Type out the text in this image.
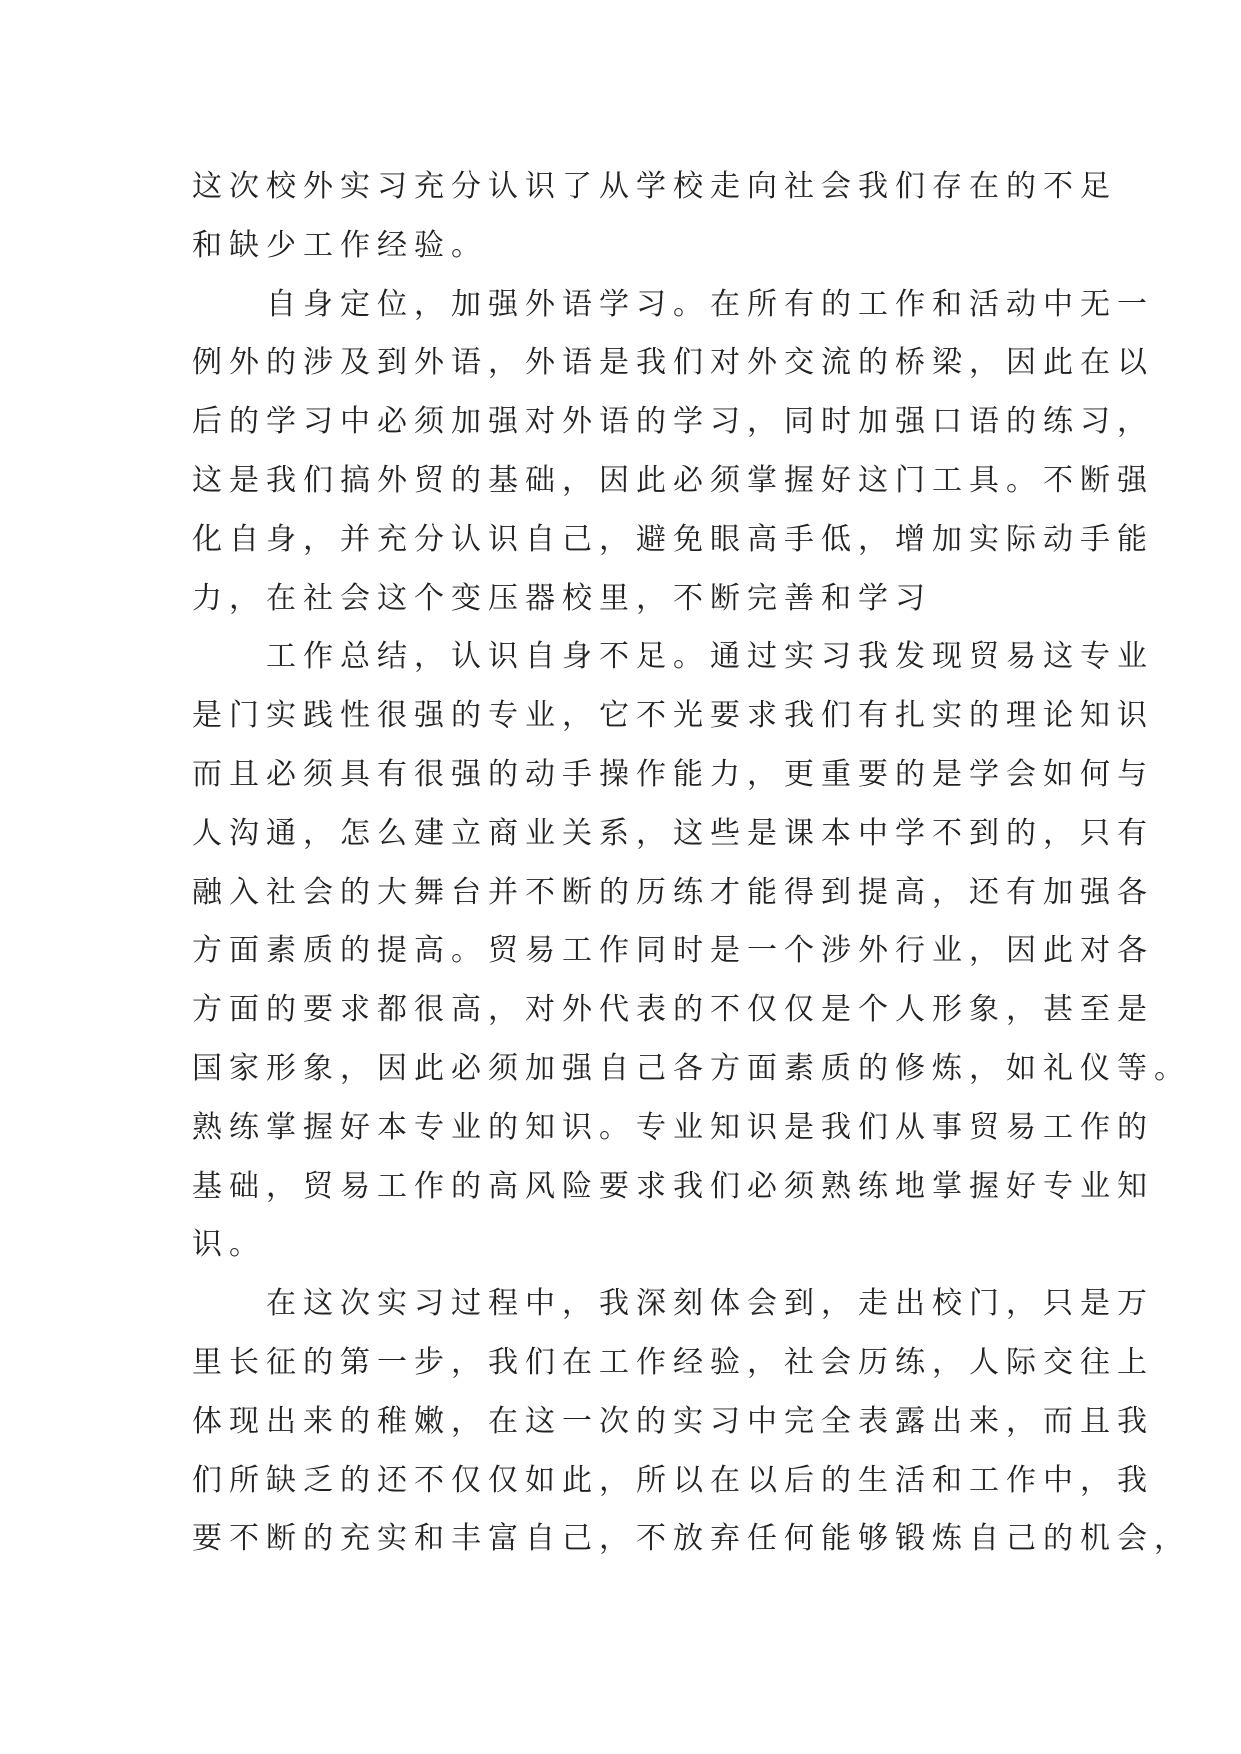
这次校外实习充分认识了从学校走向社会我们存在的不足
和缺少工作经验。
　　自身定位，加强外语学习。在所有的工作和活动中无一
例外的涉及到外语，外语是我们对外交流的桥梁，因此在以
后的学习中必须加强对外语的学习，同时加强口语的练习，
这是我们搞外贸的基础，因此必须掌握好这门工具。不断强
化自身，并充分认识自己，避免眼高手低，增加实际动手能
力，在社会这个变压器校里，不断完善和学习
　　工作总结，认识自身不足。通过实习我发现贸易这专业
是门实践性很强的专业，它不光要求我们有扎实的理论知识
而且必须具有很强的动手操作能力，更重要的是学会如何与
人沟通，怎么建立商业关系，这些是课本中学不到的，只有
融入社会的大舞台并不断的历练才能得到提高，还有加强各
方面素质的提高。贸易工作同时是一个涉外行业，因此对各
方面的要求都很高，对外代表的不仅仅是个人形象，甚至是
国家形象，因此必须加强自己各方面素质的修炼，如礼仪等。
熟练掌握好本专业的知识。专业知识是我们从事贸易工作的
基础，贸易工作的高风险要求我们必须熟练地掌握好专业知
识。
　　在这次实习过程中，我深刻体会到，走出校门，只是万
里长征的第一步，我们在工作经验，社会历练，人际交往上
体现出来的稚嫩，在这一次的实习中完全表露出来，而且我
们所缺乏的还不仅仅如此，所以在以后的生活和工作中，我
要不断的充实和丰富自己，不放弃任何能够锻炼自己的机会，
